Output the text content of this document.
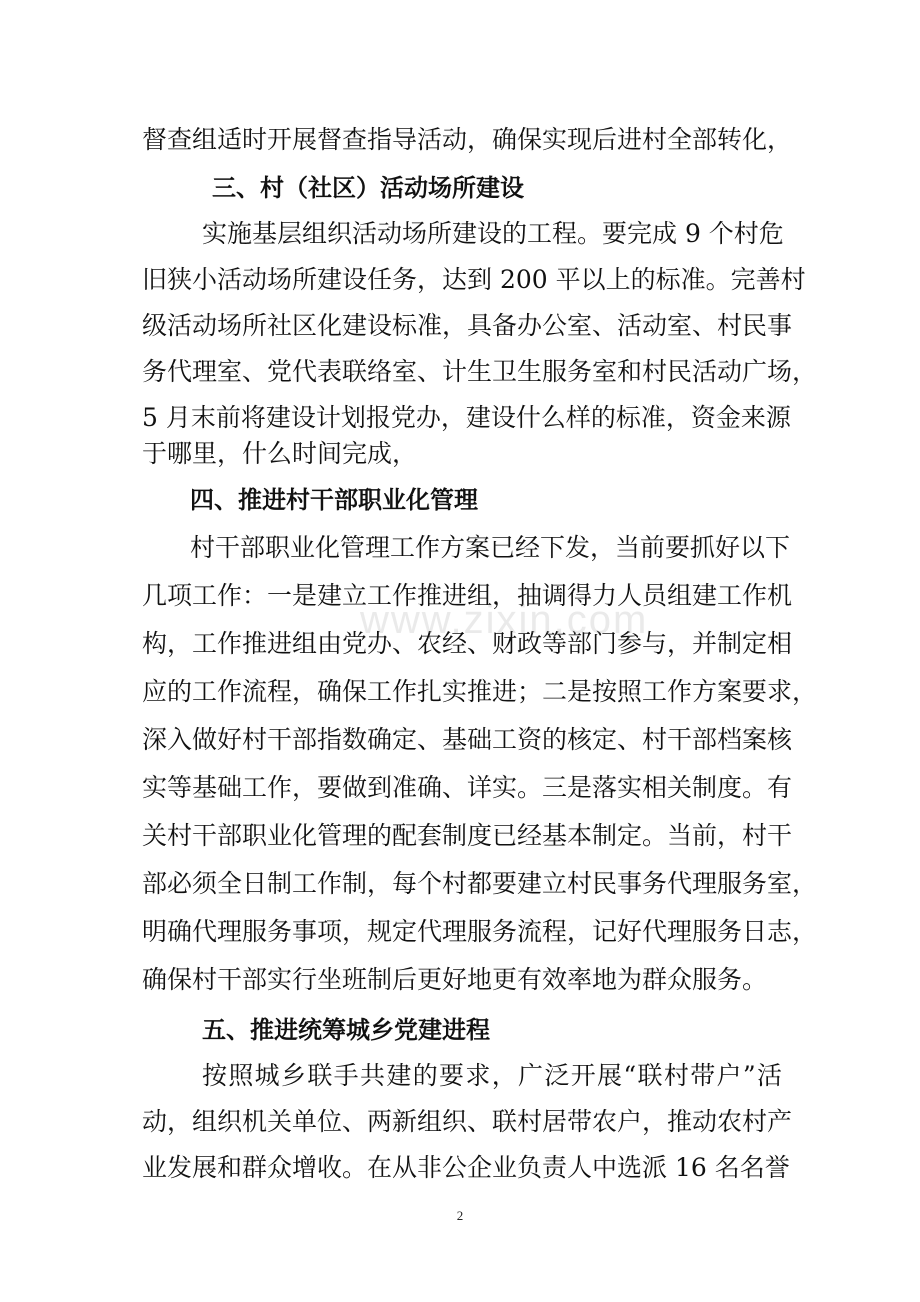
督查组适时开展督查指导活动，确保实现后进村全部转化，
三、村（社区）活动场所建设
实施基层组织活动场所建设的工程。要完成 9 个村危
旧狭小活动场所建设任务，达到 200 平以上的标准。完善村
级活动场所社区化建设标准，具备办公室、活动室、村民事
务代理室、党代表联络室、计生卫生服务室和村民活动广场，
5 月末前将建设计划报党办，建设什么样的标准，资金来源
于哪里，什么时间完成，
四、推进村干部职业化管理
村干部职业化管理工作方案已经下发，当前要抓好以下
几项工作：一是建立工作推进组，抽调得力人员组建工作机
构，工作推进组由党办、农经、财政等部门参与，并制定相
应的工作流程，确保工作扎实推进；二是按照工作方案要求，
深入做好村干部指数确定、基础工资的核定、村干部档案核
实等基础工作，要做到准确、详实。三是落实相关制度。有
关村干部职业化管理的配套制度已经基本制定。当前，村干
部必须全日制工作制，每个村都要建立村民事务代理服务室，
明确代理服务事项，规定代理服务流程，记好代理服务日志，
确保村干部实行坐班制后更好地更有效率地为群众服务。
五、推进统筹城乡党建进程
按照城乡联手共建的要求，广泛开展“联村带户”活
动，组织机关单位、两新组织、联村居带农户，推动农村产
业发展和群众增收。在从非公企业负责人中选派 16 名名誉
www.zixin.com
2
